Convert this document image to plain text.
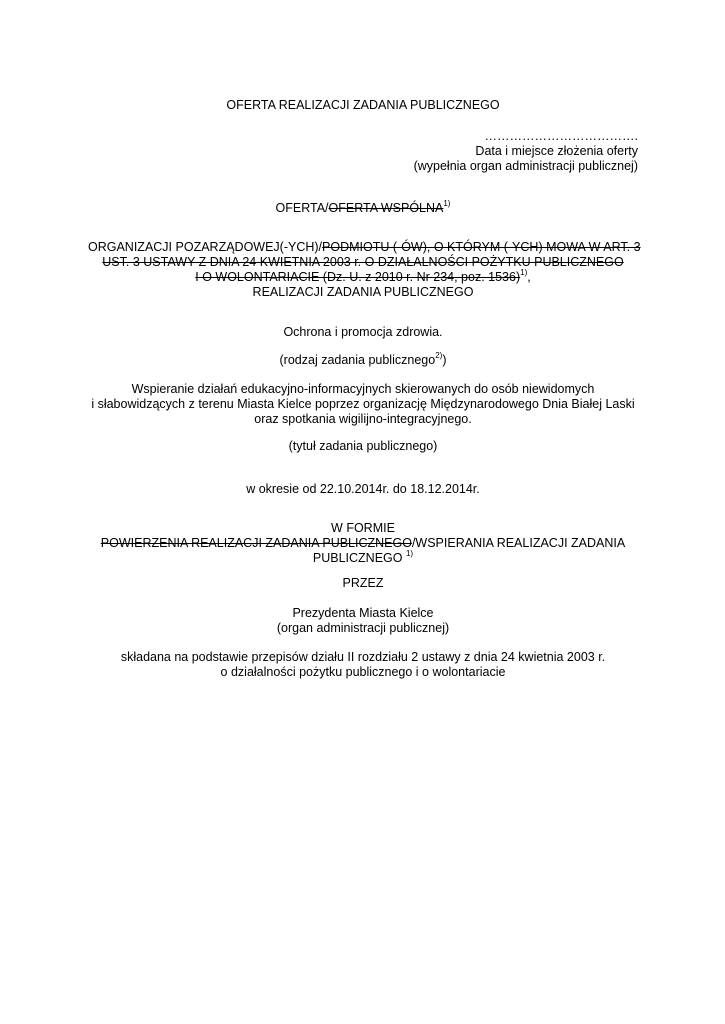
OFERTA REALIZACJI ZADANIA PUBLICZNEGO
……………………………….
Data i miejsce złożenia oferty
(wypełnia organ administracji publicznej)
OFERTA/OFERTA WSPÓLNA$^{1)}$
ORGANIZACJI POZARZĄDOWEJ(-YCH)/PODMIOTU (-ÓW), O KTÓRYM (-YCH) MOWA W ART. 3
UST. 3 USTAWY Z DNIA 24 KWIETNIA 2003 r. O DZIAŁALNOŚCI POŻYTKU PUBLICZNEGO
I O WOLONTARIACIE (Dz. U. z 2010 r. Nr 234, poz. 1536)$^{1)}$,
REALIZACJI ZADANIA PUBLICZNEGO
Ochrona i promocja zdrowia.
(rodzaj zadania publicznego$^{2)}$)
Wspieranie działań edukacyjno-informacyjnych skierowanych do osób niewidomych
i słabowidzących z terenu Miasta Kielce poprzez organizację Międzynarodowego Dnia Białej Laski
oraz spotkania wigilijno-integracyjnego.
(tytuł zadania publicznego)
w okresie od 22.10.2014r. do 18.12.2014r.
W FORMIE
POWIERZENIA REALIZACJI ZADANIA PUBLICZNEGO/WSPIERANIA REALIZACJI ZADANIA
PUBLICZNEGO $^{1)}$
PRZEZ
Prezydenta Miasta Kielce
(organ administracji publicznej)
składana na podstawie przepisów działu II rozdziału 2 ustawy z dnia 24 kwietnia 2003 r.
o działalności pożytku publicznego i o wolontariacie
